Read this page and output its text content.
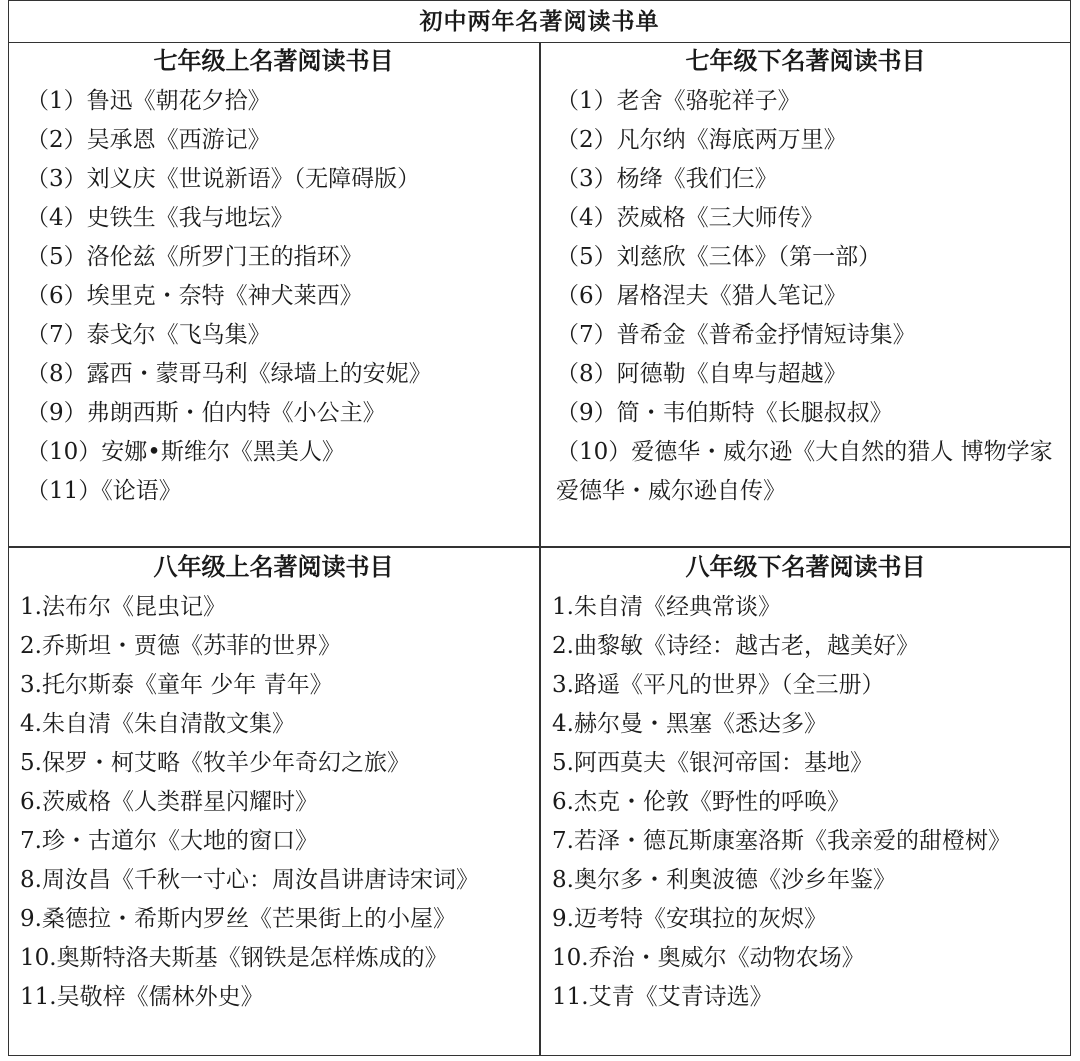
初中两年名著阅读书单
七年级上名著阅读书目
（1）鲁迅《朝花夕拾》
（2）吴承恩《西游记》
（3）刘义庆《世说新语》（无障碍版）
（4）史铁生《我与地坛》
（5）洛伦兹《所罗门王的指环》
（6）埃里克・奈特《神犬莱西》
（7）泰戈尔《飞鸟集》
（8）露西・蒙哥马利《绿墙上的安妮》
（9）弗朗西斯・伯内特《小公主》
（10）安娜•斯维尔《黑美人》
（11）《论语》
七年级下名著阅读书目
（1）老舍《骆驼祥子》
（2）凡尔纳《海底两万里》
（3）杨绛《我们仨》
（4）茨威格《三大师传》
（5）刘慈欣《三体》（第一部）
（6）屠格涅夫《猎人笔记》
（7）普希金《普希金抒情短诗集》
（8）阿德勒《自卑与超越》
（9）简・韦伯斯特《长腿叔叔》
（10）爱德华・威尔逊《大自然的猎人 博物学家爱德华・威尔逊自传》
八年级上名著阅读书目
1.法布尔《昆虫记》
2.乔斯坦・贾德《苏菲的世界》
3.托尔斯泰《童年 少年 青年》
4.朱自清《朱自清散文集》
5.保罗・柯艾略《牧羊少年奇幻之旅》
6.茨威格《人类群星闪耀时》
7.珍・古道尔《大地的窗口》
8.周汝昌《千秋一寸心：周汝昌讲唐诗宋词》
9.桑德拉・希斯内罗丝《芒果街上的小屋》
10.奥斯特洛夫斯基《钢铁是怎样炼成的》
11.吴敬梓《儒林外史》
八年级下名著阅读书目
1.朱自清《经典常谈》
2.曲黎敏《诗经：越古老，越美好》
3.路遥《平凡的世界》（全三册）
4.赫尔曼・黑塞《悉达多》
5.阿西莫夫《银河帝国：基地》
6.杰克・伦敦《野性的呼唤》
7.若泽・德瓦斯康塞洛斯《我亲爱的甜橙树》
8.奥尔多・利奥波德《沙乡年鉴》
9.迈考特《安琪拉的灰烬》
10.乔治・奥威尔《动物农场》
11.艾青《艾青诗选》
